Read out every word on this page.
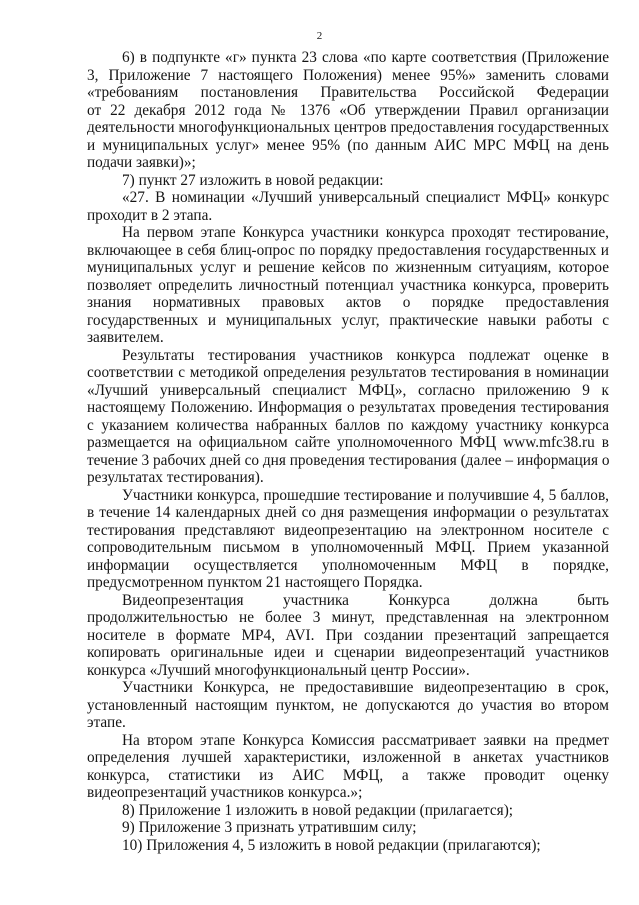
2
6) в подпункте «г» пункта 23 слова «по карте соответствия (Приложение
3, Приложение 7 настоящего Положения) менее 95%» заменить словами
«требованиям постановления Правительства Российской Федерации
от 22 декабря 2012 года № 1376 «Об утверждении Правил организации
деятельности многофункциональных центров предоставления государственных
и муниципальных услуг» менее 95% (по данным АИС МРС МФЦ на день
подачи заявки)»;
7) пункт 27 изложить в новой редакции:
«27. В номинации «Лучший универсальный специалист МФЦ» конкурс
проходит в 2 этапа.
На первом этапе Конкурса участники конкурса проходят тестирование,
включающее в себя блиц-опрос по порядку предоставления государственных и
муниципальных услуг и решение кейсов по жизненным ситуациям, которое
позволяет определить личностный потенциал участника конкурса, проверить
знания нормативных правовых актов о порядке предоставления
государственных и муниципальных услуг, практические навыки работы с
заявителем.
Результаты тестирования участников конкурса подлежат оценке в
соответствии с методикой определения результатов тестирования в номинации
«Лучший универсальный специалист МФЦ», согласно приложению 9 к
настоящему Положению. Информация о результатах проведения тестирования
с указанием количества набранных баллов по каждому участнику конкурса
размещается на официальном сайте уполномоченного МФЦ www.mfc38.ru в
течение 3 рабочих дней со дня проведения тестирования (далее – информация о
результатах тестирования).
Участники конкурса, прошедшие тестирование и получившие 4, 5 баллов,
в течение 14 календарных дней со дня размещения информации о результатах
тестирования представляют видеопрезентацию на электронном носителе с
сопроводительным письмом в уполномоченный МФЦ. Прием указанной
информации осуществляется уполномоченным МФЦ в порядке,
предусмотренном пунктом 21 настоящего Порядка.
Видеопрезентация участника Конкурса должна быть
продолжительностью не более 3 минут, представленная на электронном
носителе в формате MP4, AVI. При создании презентаций запрещается
копировать оригинальные идеи и сценарии видеопрезентаций участников
конкурса «Лучший многофункциональный центр России».
Участники Конкурса, не предоставившие видеопрезентацию в срок,
установленный настоящим пунктом, не допускаются до участия во втором
этапе.
На втором этапе Конкурса Комиссия рассматривает заявки на предмет
определения лучшей характеристики, изложенной в анкетах участников
конкурса, статистики из АИС МФЦ, а также проводит оценку
видеопрезентаций участников конкурса.»;
8) Приложение 1 изложить в новой редакции (прилагается);
9) Приложение 3 признать утратившим силу;
10) Приложения 4, 5 изложить в новой редакции (прилагаются);
